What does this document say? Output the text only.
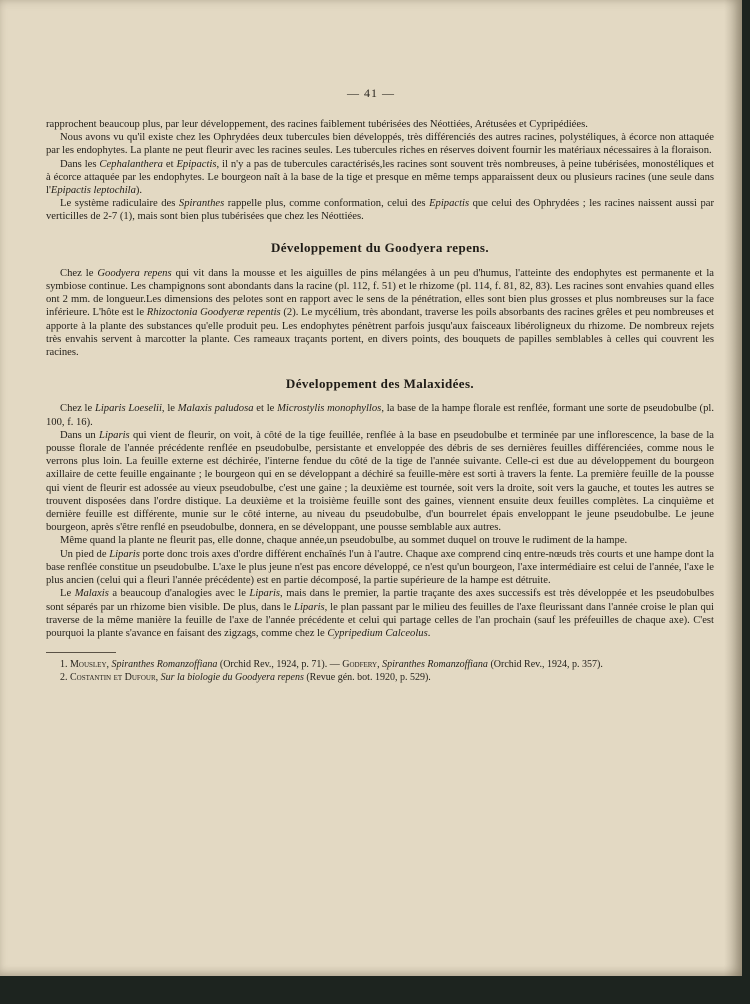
— 41 —

rapprochent beaucoup plus, par leur développement, des racines faiblement tubérisées des Néottiées, Arétusées et Cypripédiées.

Nous avons vu qu'il existe chez les Ophrydées deux tubercules bien développés, très différenciés des autres racines, polystéliques, à écorce non attaquée par les endophytes. La plante ne peut fleurir avec les racines seules. Les tubercules riches en réserves doivent fournir les matériaux nécessaires à la floraison.

Dans les Cephalanthera et Epipactis, il n'y a pas de tubercules caractérisés,les racines sont souvent très nombreuses, à peine tubérisées, monostéliques et à écorce attaquée par les endophytes. Le bourgeon naît à la base de la tige et presque en même temps apparaissent deux ou plusieurs racines (une seule dans l'Epipactis leptochila).

Le système radiculaire des Spiranthes rappelle plus, comme conformation, celui des Epipactis que celui des Ophrydées ; les racines naissent aussi par verticilles de 2-7 (1), mais sont bien plus tubérisées que chez les Néottiées.

Développement du Goodyera repens.

Chez le Goodyera repens qui vit dans la mousse et les aiguilles de pins mélangées à un peu d'humus, l'atteinte des endophytes est permanente et la symbiose continue. Les champignons sont abondants dans la racine (pl. 112, f. 51) et le rhizome (pl. 114, f. 81, 82, 83). Les racines sont envahies quand elles ont 2 mm. de longueur.Les dimensions des pelotes sont en rapport avec le sens de la pénétration, elles sont bien plus grosses et plus nombreuses sur la face inférieure. L'hôte est le Rhizoctonia Goodyeræ repentis (2). Le mycélium, très abondant, traverse les poils absorbants des racines grêles et peu nombreuses et apporte à la plante des substances qu'elle produit peu. Les endophytes pénètrent parfois jusqu'aux faisceaux libéroligneux du rhizome. De nombreux rejets très envahis servent à marcotter la plante. Ces rameaux traçants portent, en divers points, des bouquets de papilles semblables à celles qui couvrent les racines.

Développement des Malaxidées.

Chez le Liparis Loeselii, le Malaxis paludosa et le Microstylis monophyllos, la base de la hampe florale est renflée, formant une sorte de pseudobulbe (pl. 100, f. 16).

Dans un Liparis qui vient de fleurir, on voit, à côté de la tige feuillée, renflée à la base en pseudobulbe et terminée par une inflorescence, la base de la pousse florale de l'année précédente renflée en pseudobulbe, persistante et enveloppée des débris de ses dernières feuilles différenciées, comme nous le verrons plus loin. La feuille externe est déchirée, l'interne fendue du côté de la tige de l'année suivante. Celle-ci est due au développement du bourgeon axillaire de cette feuille engainante ; le bourgeon qui en se développant a déchiré sa feuille-mère est sorti à travers la fente. La première feuille de la pousse qui vient de fleurir est adossée au vieux pseudobulbe, c'est une gaine ; la deuxième est tournée, soit vers la droite, soit vers la gauche, et toutes les autres se trouvent disposées dans l'ordre distique. La deuxième et la troisième feuille sont des gaines, viennent ensuite deux feuilles complètes. La cinquième et dernière feuille est différente, munie sur le côté interne, au niveau du pseudobulbe, d'un bourrelet épais enveloppant le jeune pseudobulbe. Le jeune bourgeon, après s'être renflé en pseudobulbe, donnera, en se développant, une pousse semblable aux autres.

Même quand la plante ne fleurit pas, elle donne, chaque année,un pseudobulbe, au sommet duquel on trouve le rudiment de la hampe.

Un pied de Liparis porte donc trois axes d'ordre différent enchaînés l'un à l'autre. Chaque axe comprend cinq entre-nœuds très courts et une hampe dont la base renflée constitue un pseudobulbe. L'axe le plus jeune n'est pas encore développé, ce n'est qu'un bourgeon, l'axe intermédiaire est celui de l'année, l'axe le plus ancien (celui qui a fleuri l'année précédente) est en partie décomposé, la partie supérieure de la hampe est détruite.

Le Malaxis a beaucoup d'analogies avec le Liparis, mais dans le premier, la partie traçante des axes successifs est très développée et les pseudobulbes sont séparés par un rhizome bien visible. De plus, dans le Liparis, le plan passant par le milieu des feuilles de l'axe fleurissant dans l'année croise le plan qui traverse de la même manière la feuille de l'axe de l'année précédente et celui qui partage celles de l'an prochain (sauf les préfeuilles de chaque axe). C'est pourquoi la plante s'avance en faisant des zigzags, comme chez le Cypripedium Calceolus.

1. Mousley, Spiranthes Romanzoffiana (Orchid Rev., 1924, p. 71). — Godfery, Spiranthes Romanzoffiana (Orchid Rev., 1924, p. 357).

2. Costantin et Dufour, Sur la biologie du Goodyera repens (Revue gén. bot. 1920, p. 529).
